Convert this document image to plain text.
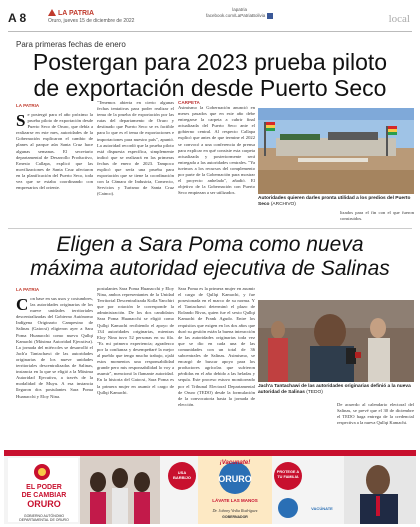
A 8	LA PATRIA
Oruro, jueves 15 de diciembre de 2022
lapatria
facebook.com/LaPatriaBolivia	local
Para primeras fechas de enero
Postergan para 2023 prueba piloto
de exportación desde Puerto Seco
LA PATRIA
Se postergó para el año próximo la prueba piloto de exportación desde Puerto Seco de Oruro, que debía a realizarse en este mes, autoridades de la Gobernación explicaron el cambio de planes al parque aún Santa Cruz hace algunas semanas. El secretario departamental de Desarrollo Productivo, Ernesto Callapa, explicó que las movilizaciones de Santa Cruz afectaron en la planificación del Puerto Seco, toda vez que se estaba coordinando con empresarios del oriente.
"Tenemos abierta en cierto algunas fechas tentativas para poder realizar el tema de la prueba de exportación por las rutas del departamento de Oruro y destinado que Puerto Seco se es factible para lo que es el tema de exportaciones e importaciones para nuestro país", apuntó. La autoridad recordó que la prueba piloto está dispuesta específica, simplemente indicó que se realizará en las primeras fechas de enero de 2023. Tampoco explicó que sería una prueba para exportación que se tiene la coordinación con la Cámara de Industria, Comercio, Servicios y Turismo de Santa Cruz (Cainco).
CARPETA
Asimismo la Gobernación anunció en meses pasados que en este año debe entregarse la carpeta a cubrir final actualizada del Puerto Seco ante el gobierno central. Al respecto Callapa explicó que antes de que termine el 2022 se convocó a una conferencia de prensa para explicar en qué consiste esta carpeta actualizada y posteriormente será entregada a las autoridades centrales. "Ya tuvimos a los recursos del complemento por parte de la Gobernación para mostrar el proyecto anhelado", añadió. El objetivo de la Gobernación con Puerto Seco empiezan a ser utilizados.
Autoridades quieren darles pronta utilidad a los predios del Puerto Seco (ARCHIVO)
lizados para el fin con el que fueron construidos.
Eligen a Sara Poma como nueva
máxima autoridad ejecutiva de Salinas
LA PATRIA
Con base en sus usos y costumbres, las autoridades originarias de los nueve unidades territoriales descentralizadas del Gobierno Autónomo Indígena Originario Campesino de Salinas (Gaiocsi) eligieron ayer a Sara Poma Huanacchi como nueva Qullqi Kamachi (Máxima Autoridad Ejecutiva). La jornada del miércoles se desarrolló el Jach'a Tantachawi de las autoridades originarias de los nueve unidades territoriales descentralizadas de Salinas, instancia en la que se eligió a la Máxima Autoridad Ejecutiva, a través de la modalidad de Muyu. A esa instancia llegaron dos postulantes Sara Poma Huanacchi y Eloy Nina.
postulantes Sara Poma Huanacchi y Eloy Nina, ambos representantes de la Unidad Territorial Descentralizada Kolla Yanchiri que por rotación le corresponde la administración. De los dos candidatos Sara Poma Huanacchi se eligió como Qullqi Kamachi recibiendo el apoyo de 134 autoridades originarias, mientras Eloy Nina tuvo 52 personas en su fila. "Es mi primera experiencia; agradezco por la confianza y desempeñaré la mejor al pueblo que tengo mucho trabajo, ojalá estos momentos una responsabilidad grande pero mis responsabilidad lo voy a asumir", mencionó la flamante autoridad. En la historia del Gaiocsi, Sara Poma es la primera mujer en asumir el cargo de Qullqi Kamachi.
Sara Poma es la primera mujer en asumir el cargo de Qullqi Kamachi, y fue posesionada en el marco de su norma. Y el Tantachawi determinó el plazo de Rolando Rivas, quien fue el sexto Qullqi Kamachi de Frank Agudo. Entre los requisitos que exigen en los dos años que duró su gestión están la buena interacción de las autoridades originarias toda vez que se dio en cada una de las comunidades con un total de 36 subcentrales de Salinas. Asimismo, se encargó de buscar apoyo para los productores agrícolas que sufrieron pérdidas en el año debido a las heladas y sequía. Este proceso estuvo monitoreado por el Tribunal Electoral Departamental de Oruro (TEDO) desde la formulación de la convocatoria hasta la jornada de elección.
Jach'a Tantachawi de las autoridades originarias definió a la nueva autoridad de Salinas (TEDO)
De acuerdo al calendario electoral del Salinas, se prevé que el 30 de diciembre el TEDO haga entrega de la credencial respectiva a la nueva Qullqi Kamachi.
EL PODER
DE CAMBIAR
ORURO
GOBIERNO AUTÓNOMO DEPARTAMENTAL DE ORURO
USA
BARBIJO
¡Vacunate!
ORURO
LÁVATE LAS MANOS
Dr. Johnny Vedia Rodríguez
GOBERNADOR
PROTEGE A
TU FAMILIA
VACÚNATE
